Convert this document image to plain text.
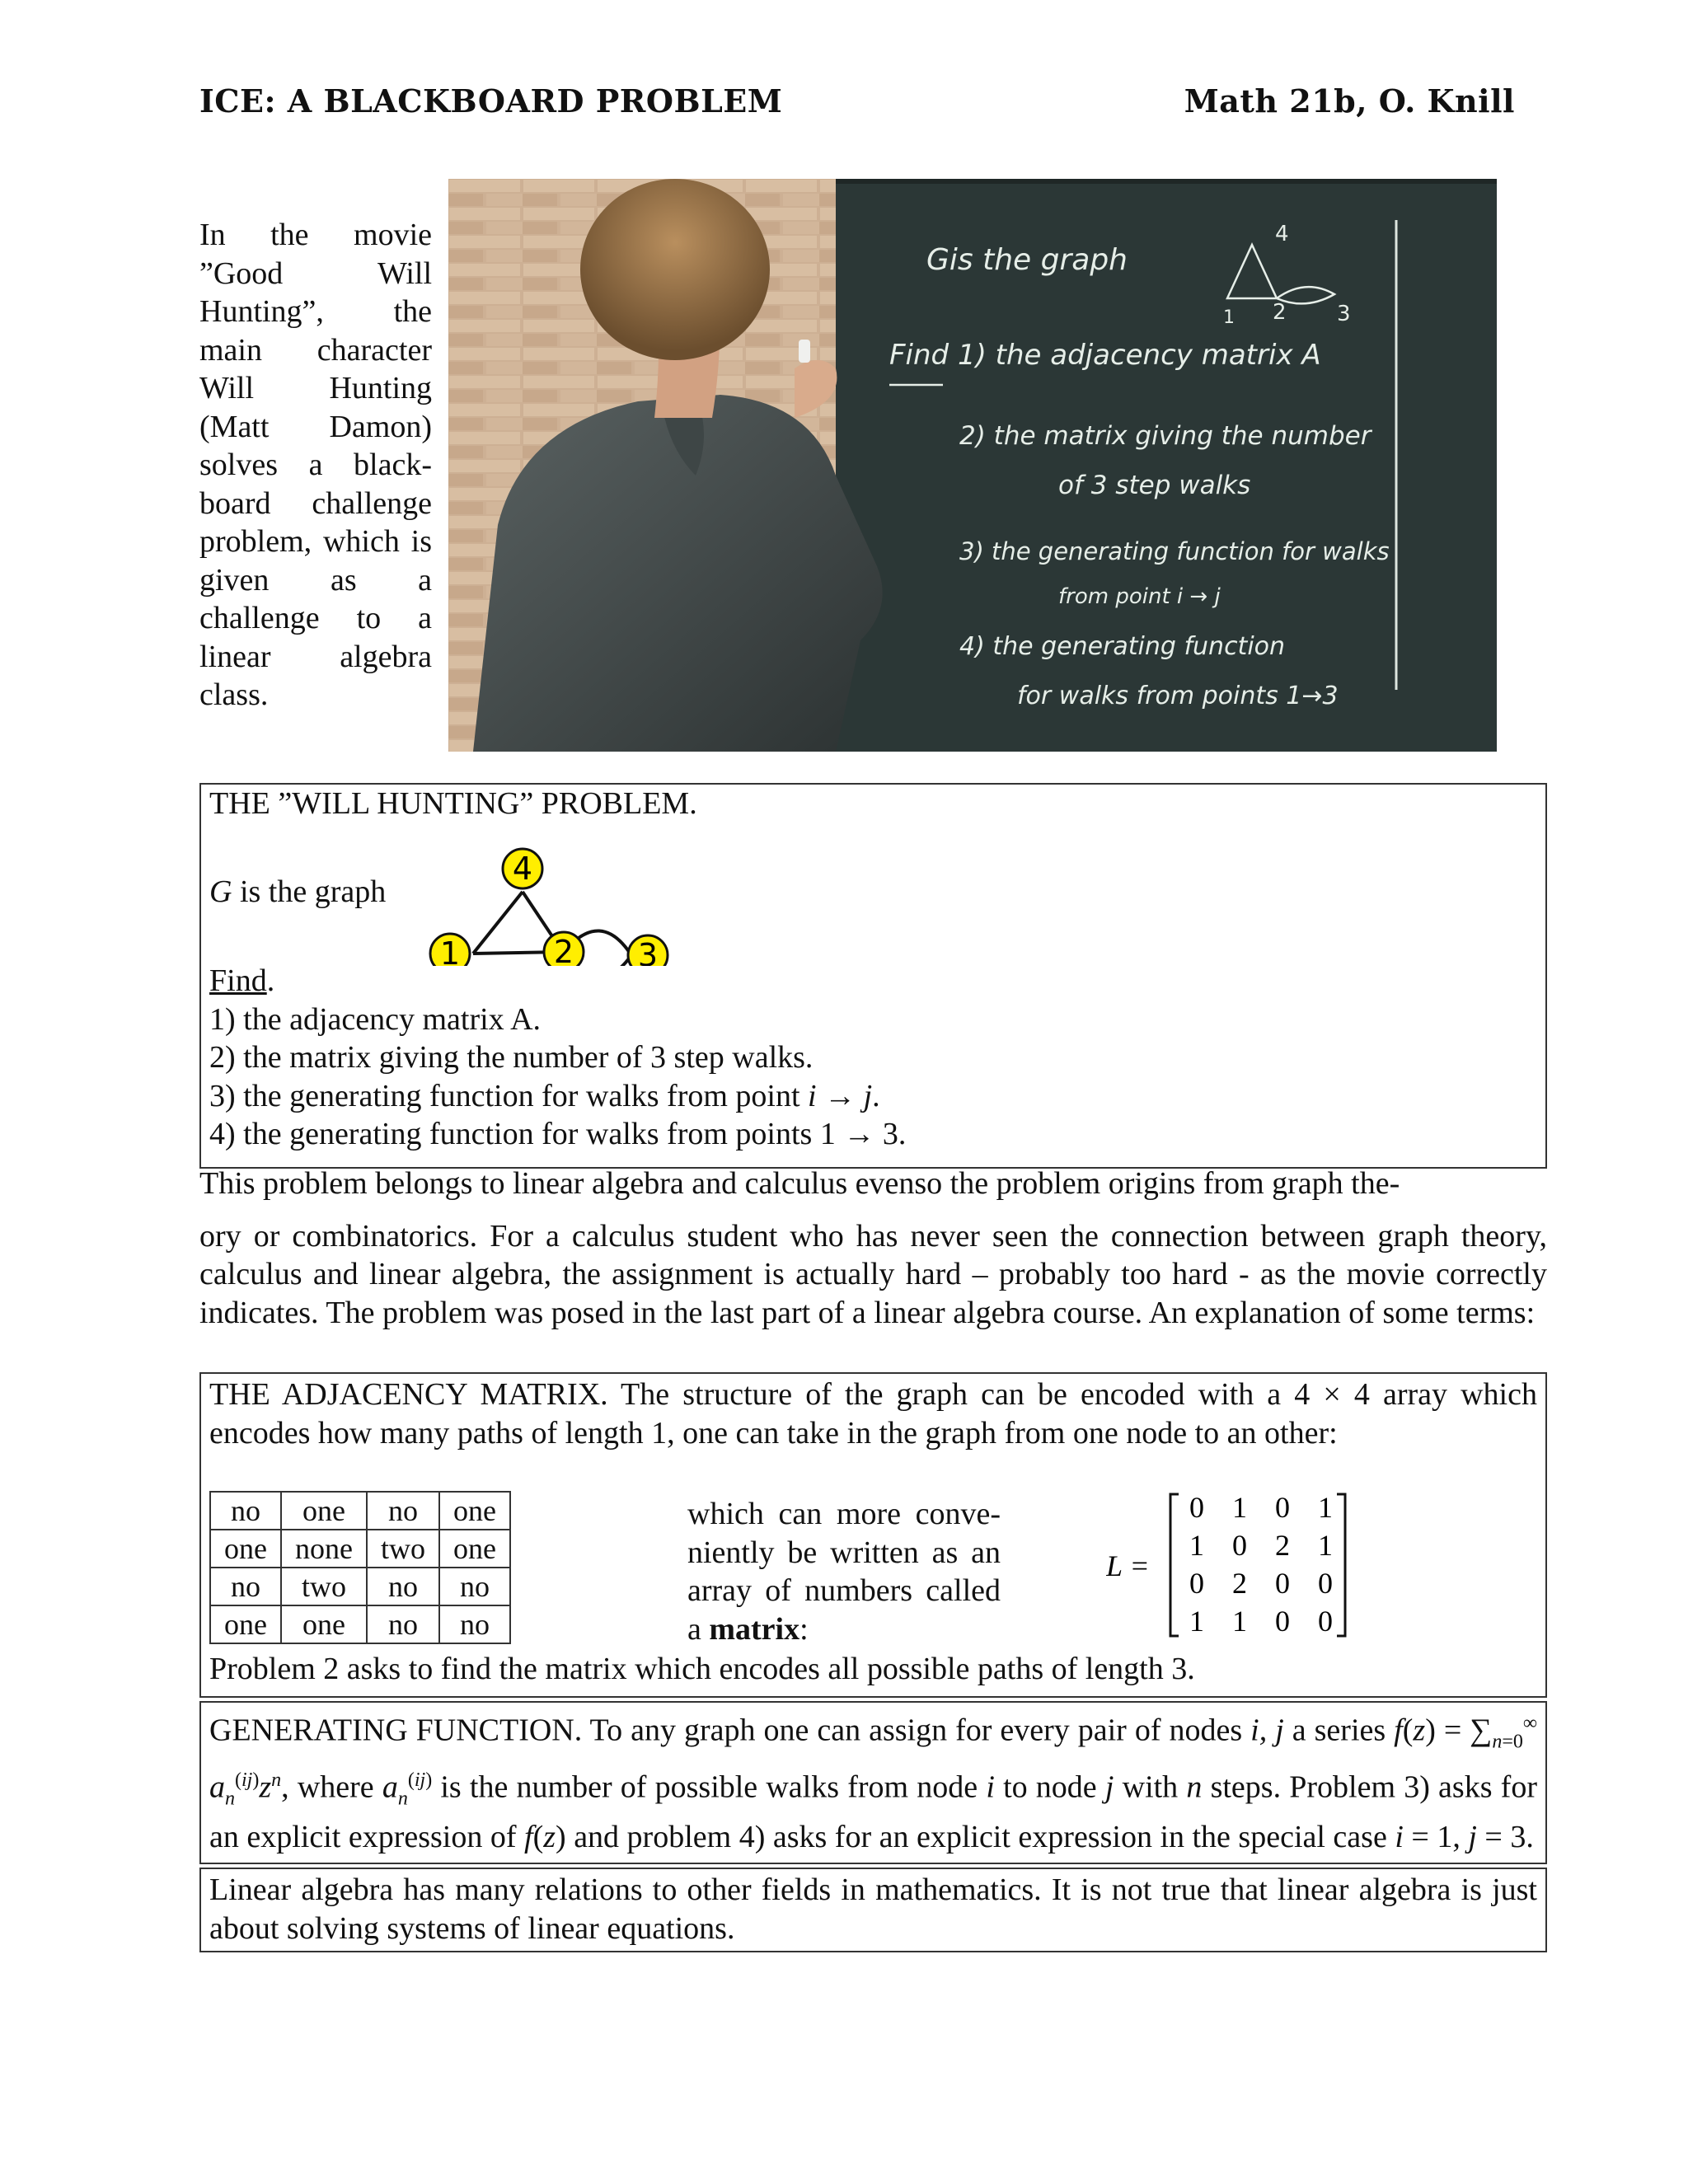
ICE: A BLACKBOARD PROBLEM	Math 21b, O. Knill
In the movie ”Good Will Hunting”, the main character Will Hunting (Matt Damon) solves a black-board challenge problem, which is given as a challenge to a linear algebra class.
Gis the graph
4
1 2 3
Find 1) the adjacency matrix A
2) the matrix giving the number
of 3 step walks
3) the generating function for walks
from point i → j
4) the generating function
for walks from points 1→3
THE ”WILL HUNTING” PROBLEM.
G is the graph
4
1	2 3
Find.
1) the adjacency matrix A.
2) the matrix giving the number of 3 step walks.
3) the generating function for walks from point i → j.
4) the generating function for walks from points 1 → 3.
This problem belongs to linear algebra and calculus evenso the problem origins from graph the-
ory or combinatorics. For a calculus student who has never seen the connection between graph theory, calculus and linear algebra, the assignment is actually hard – probably too hard - as the movie correctly indicates. The problem was posed in the last part of a linear algebra course. An explanation of some terms:
THE ADJACENCY MATRIX. The structure of the graph can be encoded with a 4 × 4 array which encodes how many paths of length 1, one can take in the graph from one node to an other:
no	one	no	one
one	none	two	one
no	two	no	no
one	one	no	no
which can more conve-niently be written as an array of numbers called a matrix:
L =
0 1 0 1
1 0 2 1
0 2 0 0
1 1 0 0
Problem 2 asks to find the matrix which encodes all possible paths of length 3.
GENERATING FUNCTION. To any graph one can assign for every pair of nodes i, j a series $f(z) = \sum_{n=0}^\infty$ $a_n^{(ij)}z^n$, where $a_n^{(ij)}$ is the number of possible walks from node i to node j with n steps. Problem 3) asks for an explicit expression of f(z) and problem 4) asks for an explicit expression in the special case i = 1, j = 3.
Linear algebra has many relations to other fields in mathematics. It is not true that linear algebra is just about solving systems of linear equations.
